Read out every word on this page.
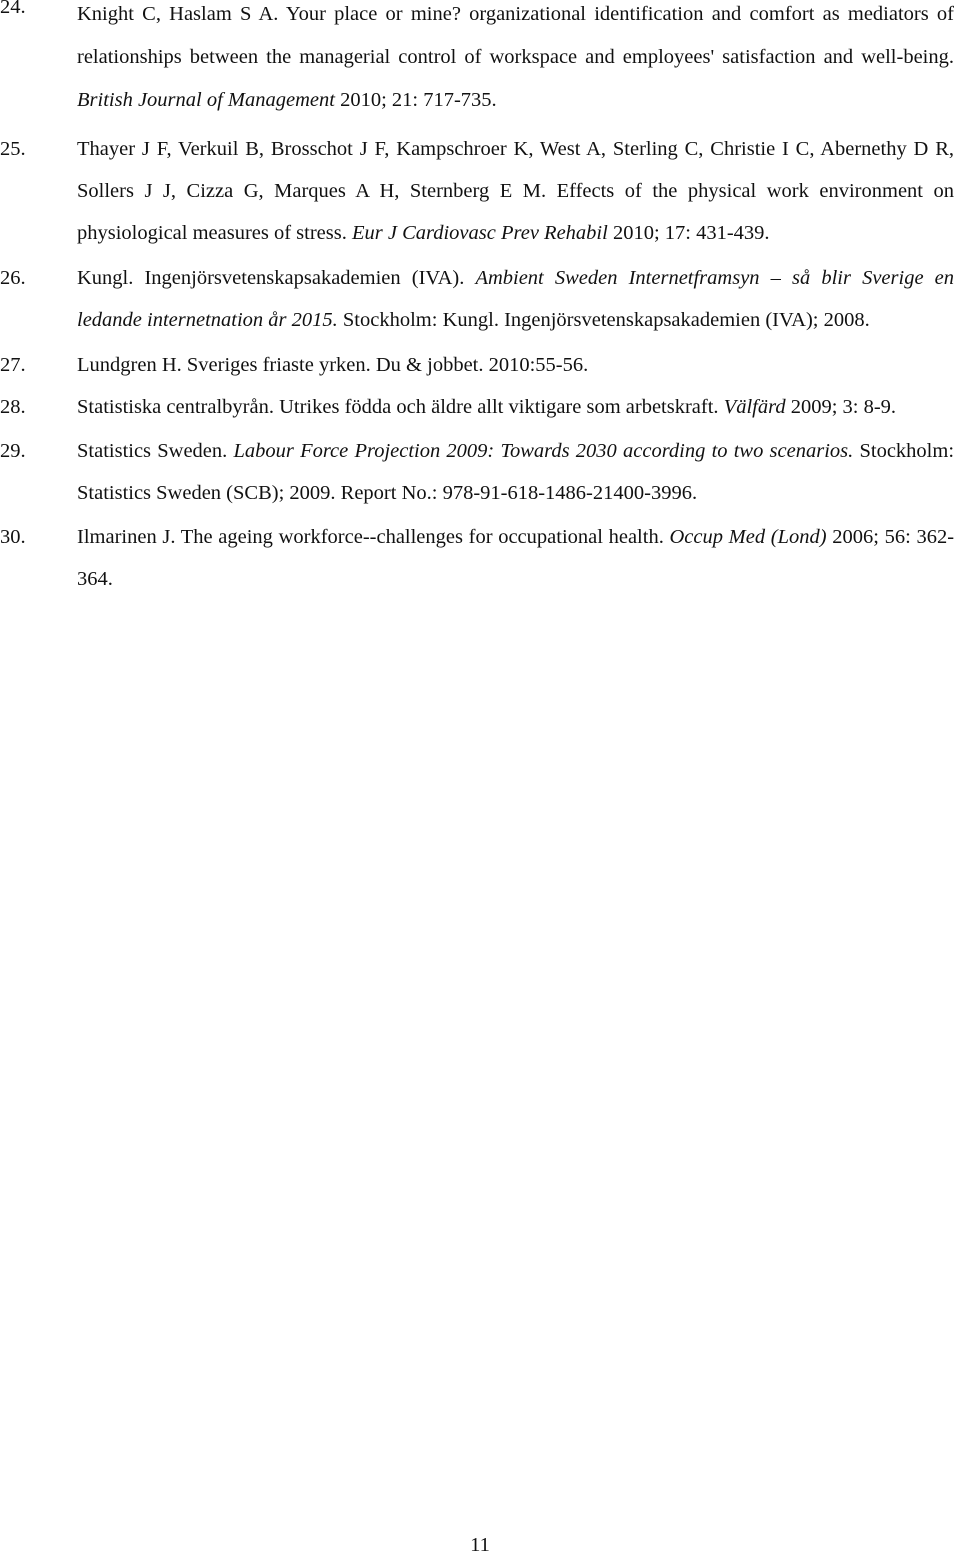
24.	Knight C, Haslam S A. Your place or mine? organizational identification and comfort as mediators of relationships between the managerial control of workspace and employees' satisfaction and well-being. British Journal of Management 2010; 21: 717-735.
25.	Thayer J F, Verkuil B, Brosschot J F, Kampschroer K, West A, Sterling C, Christie I C, Abernethy D R, Sollers J J, Cizza G, Marques A H, Sternberg E M. Effects of the physical work environment on physiological measures of stress. Eur J Cardiovasc Prev Rehabil 2010; 17: 431-439.
26.	Kungl. Ingenjörsvetenskapsakademien (IVA). Ambient Sweden Internetframsyn – så blir Sverige en ledande internetnation år 2015. Stockholm: Kungl. Ingenjörsvetenskapsakademien (IVA); 2008.
27.	Lundgren H. Sveriges friaste yrken. Du & jobbet. 2010:55-56.
28.	Statistiska centralbyrån. Utrikes födda och äldre allt viktigare som arbetskraft. Välfärd 2009; 3: 8-9.
29.	Statistics Sweden. Labour Force Projection 2009: Towards 2030 according to two scenarios. Stockholm: Statistics Sweden (SCB); 2009. Report No.: 978-91-618-1486-21400-3996.
30.	Ilmarinen J. The ageing workforce--challenges for occupational health. Occup Med (Lond) 2006; 56: 362-364.
11
